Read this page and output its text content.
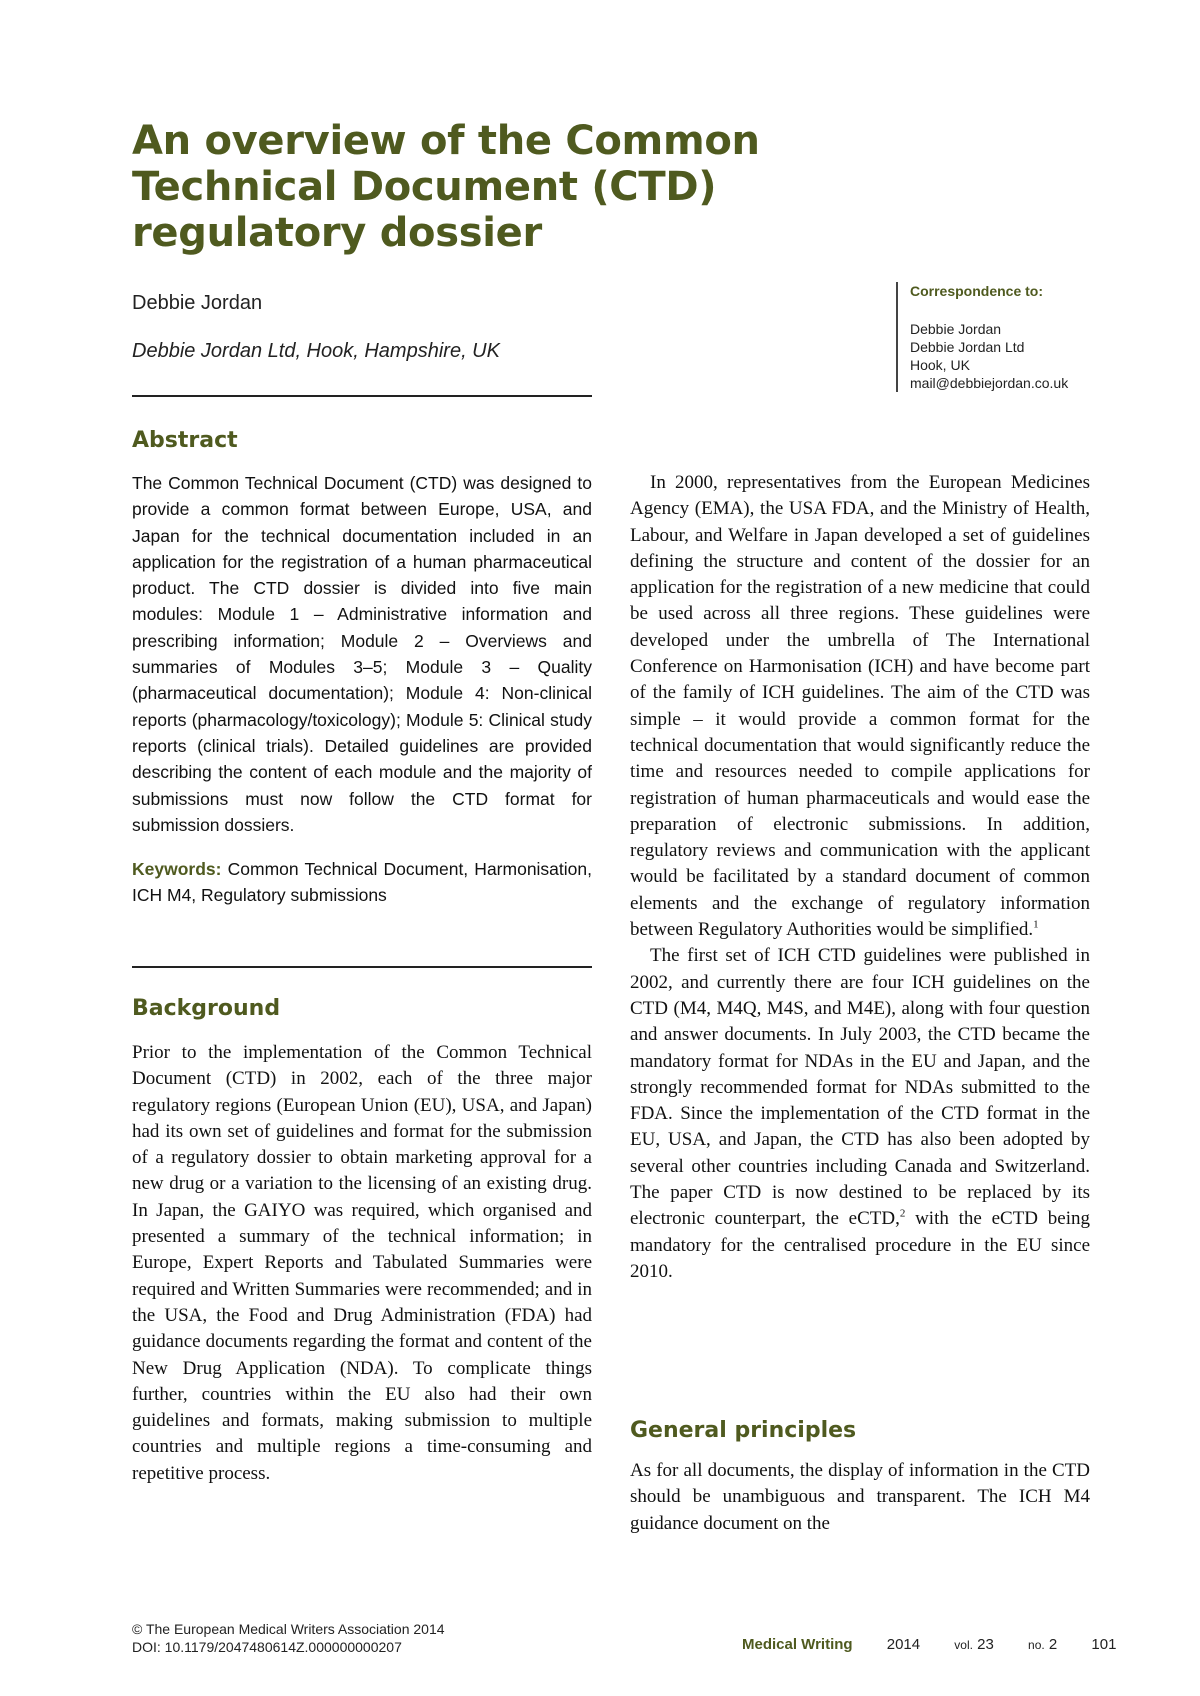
An overview of the Common Technical Document (CTD) regulatory dossier
Debbie Jordan
Debbie Jordan Ltd, Hook, Hampshire, UK
Correspondence to:
Debbie Jordan
Debbie Jordan Ltd
Hook, UK
mail@debbiejordan.co.uk
Abstract

The Common Technical Document (CTD) was designed to provide a common format between Europe, USA, and Japan for the technical documentation included in an application for the registration of a human pharmaceutical product. The CTD dossier is divided into five main modules: Module 1 – Administrative information and prescribing information; Module 2 – Overviews and summaries of Modules 3–5; Module 3 – Quality (pharmaceutical documentation); Module 4: Non-clinical reports (pharmacology/toxicology); Module 5: Clinical study reports (clinical trials). Detailed guidelines are provided describing the content of each module and the majority of submissions must now follow the CTD format for submission dossiers.

Keywords: Common Technical Document, Harmonisation, ICH M4, Regulatory submissions

Background

Prior to the implementation of the Common Technical Document (CTD) in 2002, each of the three major regulatory regions (European Union (EU), USA, and Japan) had its own set of guidelines and format for the submission of a regulatory dossier to obtain marketing approval for a new drug or a variation to the licensing of an existing drug. In Japan, the GAIYO was required, which organised and presented a summary of the technical information; in Europe, Expert Reports and Tabulated Summaries were required and Written Summaries were recommended; and in the USA, the Food and Drug Administration (FDA) had guidance documents regarding the format and content of the New Drug Application (NDA). To complicate things further, countries within the EU also had their own guidelines and formats, making submission to multiple countries and multiple regions a time-consuming and repetitive process.

In 2000, representatives from the European Medicines Agency (EMA), the USA FDA, and the Ministry of Health, Labour, and Welfare in Japan developed a set of guidelines defining the structure and content of the dossier for an application for the registration of a new medicine that could be used across all three regions. These guidelines were developed under the umbrella of The International Conference on Harmonisation (ICH) and have become part of the family of ICH guidelines. The aim of the CTD was simple – it would provide a common format for the technical documentation that would significantly reduce the time and resources needed to compile applications for registration of human pharmaceuticals and would ease the preparation of electronic submissions. In addition, regulatory reviews and communication with the applicant would be facilitated by a standard document of common elements and the exchange of regulatory information between Regulatory Authorities would be simplified.$^1$

The first set of ICH CTD guidelines were published in 2002, and currently there are four ICH guidelines on the CTD (M4, M4Q, M4S, and M4E), along with four question and answer documents. In July 2003, the CTD became the mandatory format for NDAs in the EU and Japan, and the strongly recommended format for NDAs submitted to the FDA. Since the implementation of the CTD format in the EU, USA, and Japan, the CTD has also been adopted by several other countries including Canada and Switzerland. The paper CTD is now destined to be replaced by its electronic counterpart, the eCTD,$^2$ with the eCTD being mandatory for the centralised procedure in the EU since 2010.

General principles

As for all documents, the display of information in the CTD should be unambiguous and transparent. The ICH M4 guidance document on the

© The European Medical Writers Association 2014
DOI: 10.1179/2047480614Z.000000000207	Medical Writing 2014	vol. 23	no. 2 101
